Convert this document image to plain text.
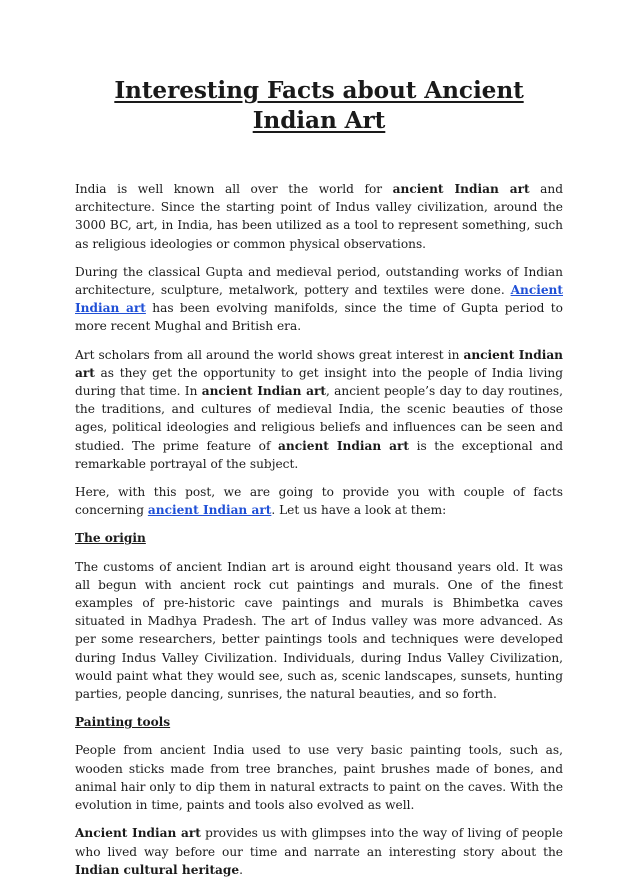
Interesting Facts about Ancient Indian Art

India is well known all over the world for ancient Indian art and architecture. Since the starting point of Indus valley civilization, around the 3000 BC, art, in India, has been utilized as a tool to represent something, such as religious ideologies or common physical observations.

During the classical Gupta and medieval period, outstanding works of Indian architecture, sculpture, metalwork, pottery and textiles were done. Ancient Indian art has been evolving manifolds, since the time of Gupta period to more recent Mughal and British era.

Art scholars from all around the world shows great interest in ancient Indian art as they get the opportunity to get insight into the people of India living during that time. In ancient Indian art, ancient people’s day to day routines, the traditions, and cultures of medieval India, the scenic beauties of those ages, political ideologies and religious beliefs and influences can be seen and studied. The prime feature of ancient Indian art is the exceptional and remarkable portrayal of the subject.

Here, with this post, we are going to provide you with couple of facts concerning ancient Indian art. Let us have a look at them:

The origin

The customs of ancient Indian art is around eight thousand years old. It was all begun with ancient rock cut paintings and murals. One of the finest examples of pre-historic cave paintings and murals is Bhimbetka caves situated in Madhya Pradesh. The art of Indus valley was more advanced. As per some researchers, better paintings tools and techniques were developed during Indus Valley Civilization. Individuals, during Indus Valley Civilization, would paint what they would see, such as, scenic landscapes, sunsets, hunting parties, people dancing, sunrises, the natural beauties, and so forth.

Painting tools

People from ancient India used to use very basic painting tools, such as, wooden sticks made from tree branches, paint brushes made of bones, and animal hair only to dip them in natural extracts to paint on the caves. With the evolution in time, paints and tools also evolved as well.

Ancient Indian art provides us with glimpses into the way of living of people who lived way before our time and narrate an interesting story about the Indian cultural heritage.
